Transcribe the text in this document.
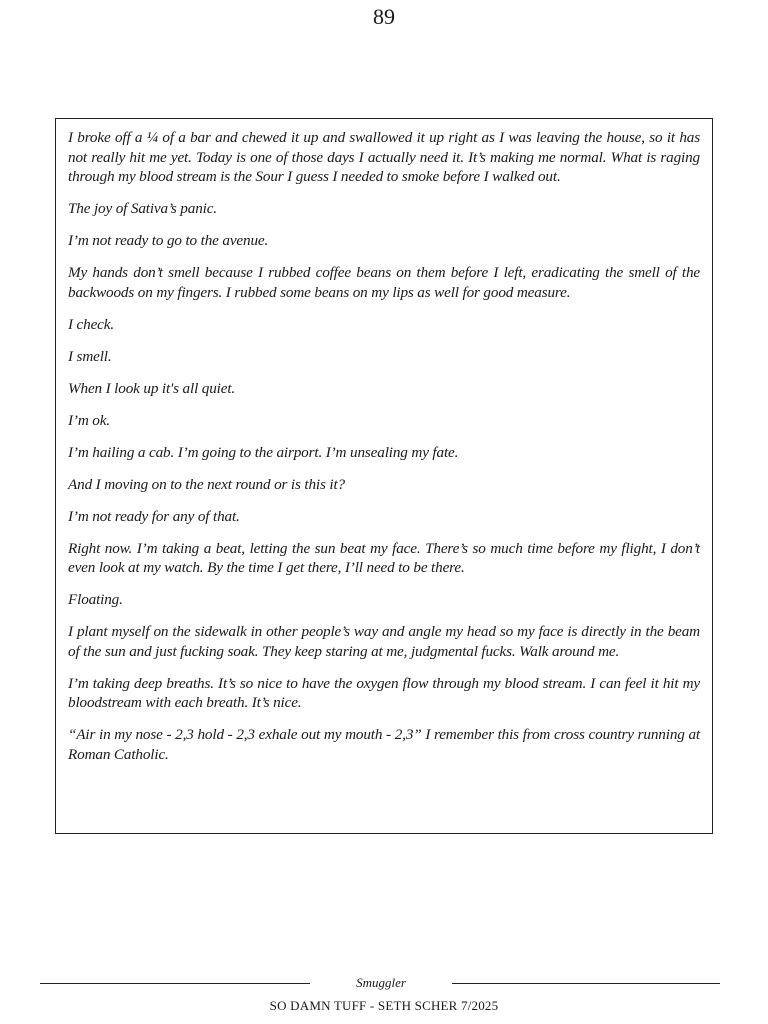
89

I broke off a ¼ of a bar and chewed it up and swallowed it up right as I was leaving the house, so it has not really hit me yet. Today is one of those days I actually need it. It’s making me normal. What is raging through my blood stream is the Sour I guess I needed to smoke before I walked out.

The joy of Sativa’s panic.

I’m not ready to go to the avenue.

My hands don’t smell because I rubbed coffee beans on them before I left, eradicating the smell of the backwoods on my fingers. I rubbed some beans on my lips as well for good measure.

I check.

I smell.

When I look up it's all quiet.

I’m ok.

I’m hailing a cab. I’m going to the airport. I’m unsealing my fate.

And I moving on to the next round or is this it?

I’m not ready for any of that.

Right now. I’m taking a beat, letting the sun beat my face. There’s so much time before my flight, I don’t even look at my watch. By the time I get there, I’ll need to be there.

Floating.

I plant myself on the sidewalk in other people’s way and angle my head so my face is directly in the beam of the sun and just fucking soak. They keep staring at me, judgmental fucks. Walk around me.

I’m taking deep breaths. It’s so nice to have the oxygen flow through my blood stream. I can feel it hit my bloodstream with each breath. It’s nice.

“Air in my nose - 2,3 hold - 2,3 exhale out my mouth - 2,3” I remember this from cross country running at Roman Catholic.

Smuggler
SO DAMN TUFF - SETH SCHER 7/2025
